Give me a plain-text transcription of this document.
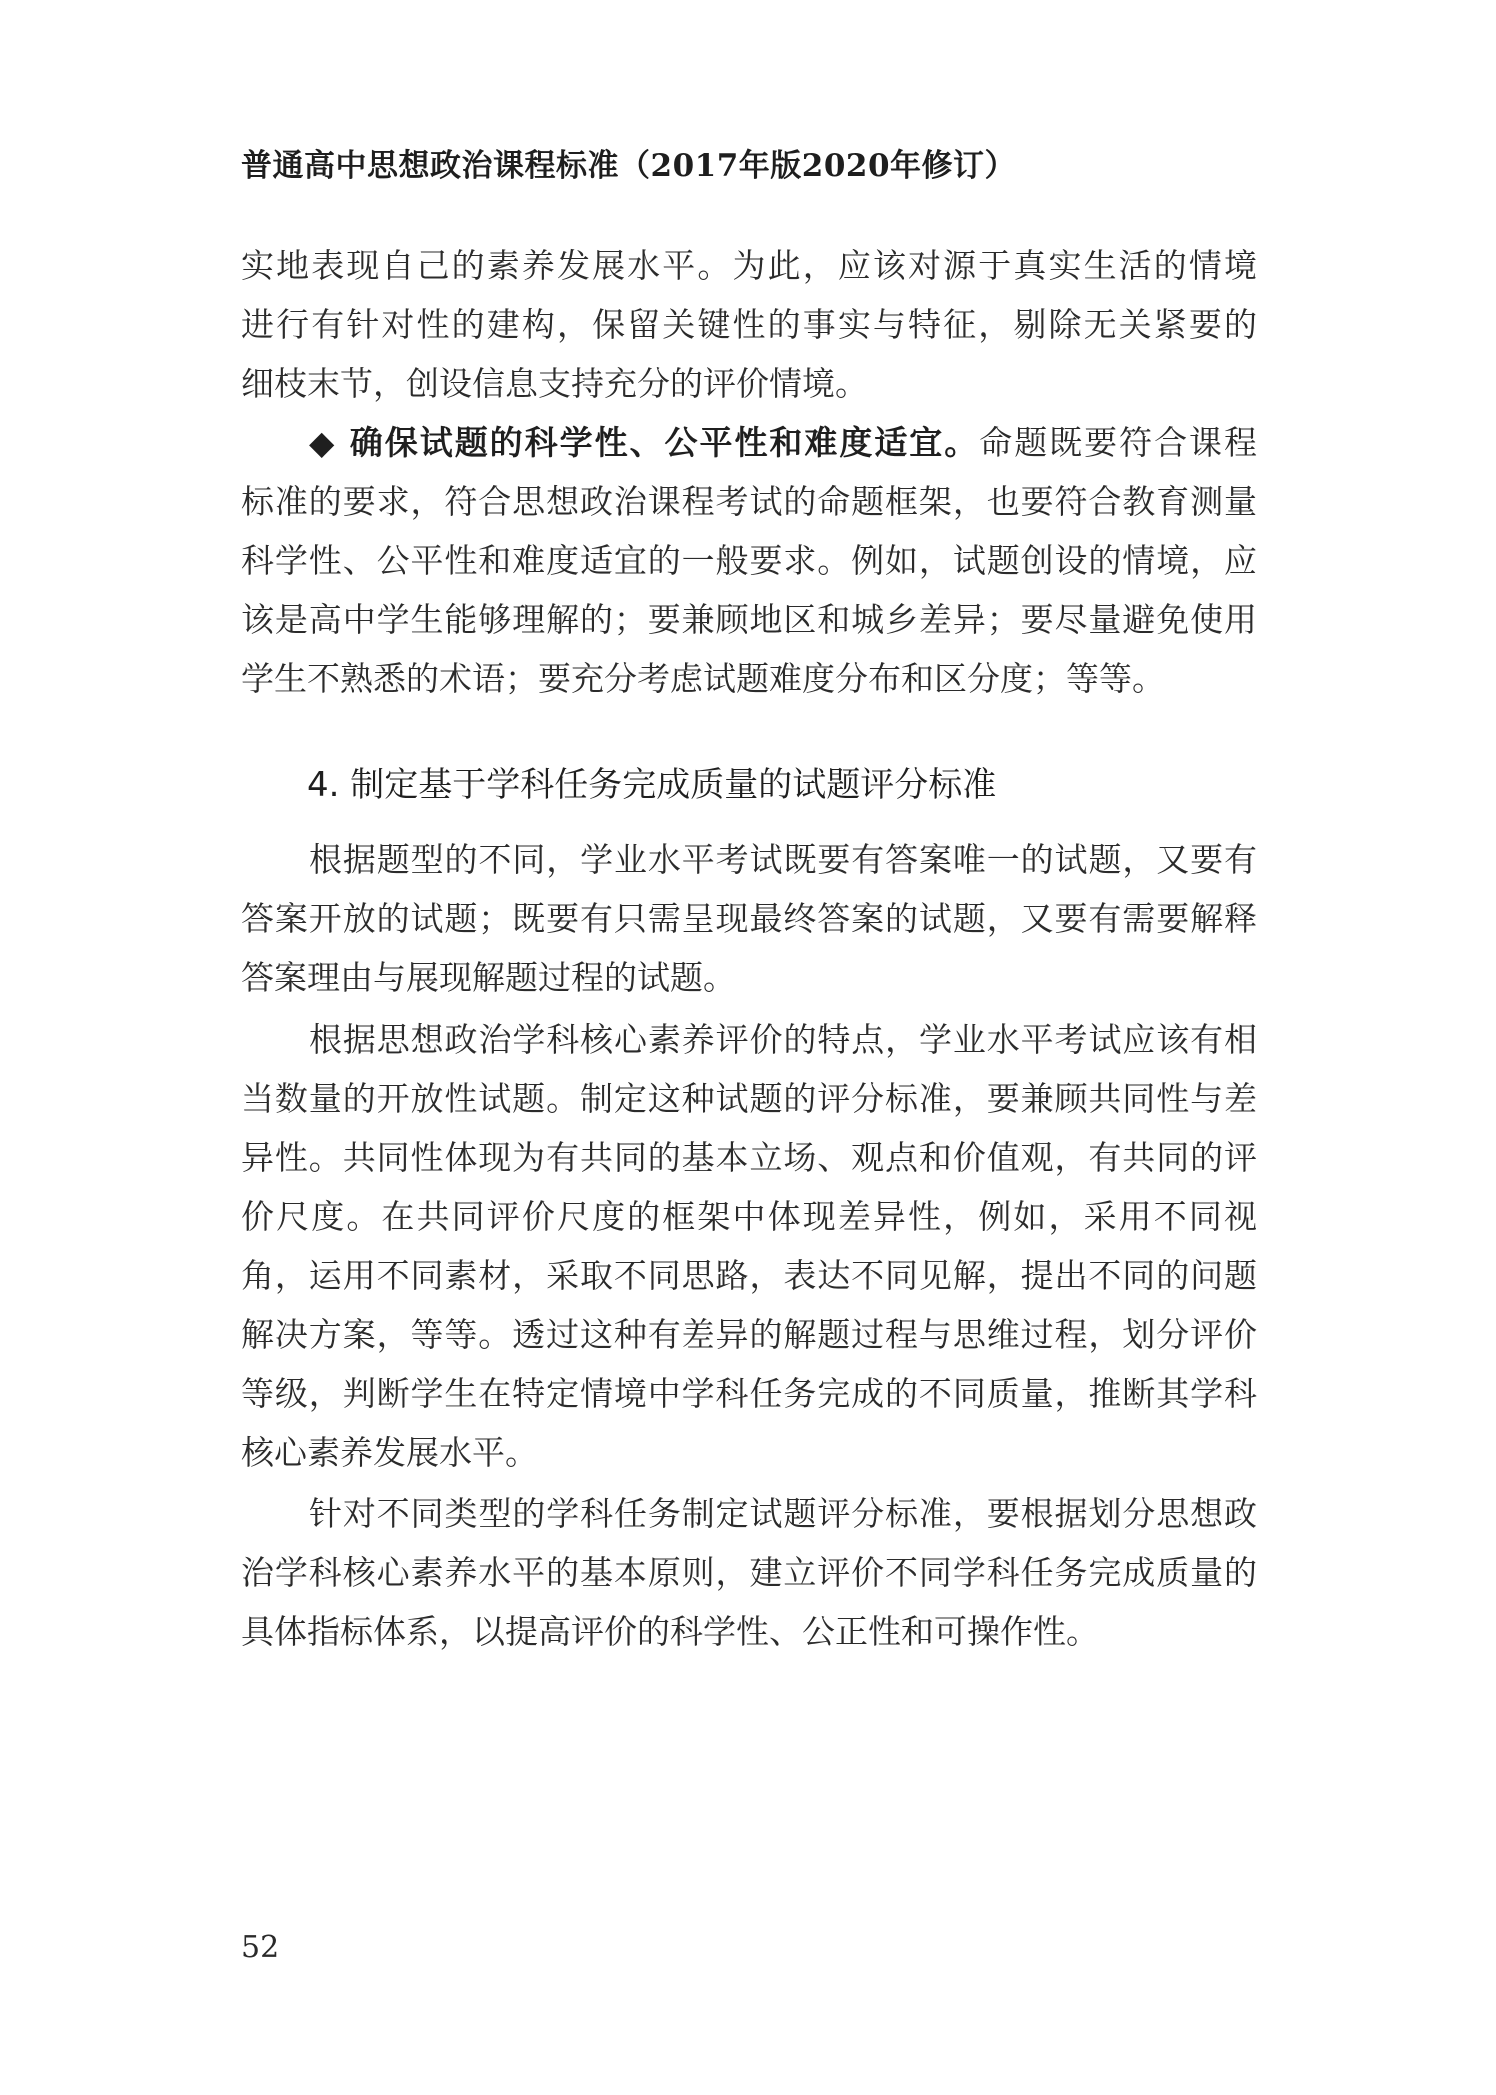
普通高中思想政治课程标准（2017年版2020年修订）
实地表现自己的素养发展水平。为此，应该对源于真实生活的情境
进行有针对性的建构，保留关键性的事实与特征，剔除无关紧要的
细枝末节，创设信息支持充分的评价情境。
◆ 确保试题的科学性、公平性和难度适宜。命题既要符合课程
标准的要求，符合思想政治课程考试的命题框架，也要符合教育测量
科学性、公平性和难度适宜的一般要求。例如，试题创设的情境，应
该是高中学生能够理解的；要兼顾地区和城乡差异；要尽量避免使用
学生不熟悉的术语；要充分考虑试题难度分布和区分度；等等。
4. 制定基于学科任务完成质量的试题评分标准
根据题型的不同，学业水平考试既要有答案唯一的试题，又要有
答案开放的试题；既要有只需呈现最终答案的试题，又要有需要解释
答案理由与展现解题过程的试题。
根据思想政治学科核心素养评价的特点，学业水平考试应该有相
当数量的开放性试题。制定这种试题的评分标准，要兼顾共同性与差
异性。共同性体现为有共同的基本立场、观点和价值观，有共同的评
价尺度。在共同评价尺度的框架中体现差异性，例如，采用不同视
角，运用不同素材，采取不同思路，表达不同见解，提出不同的问题
解决方案，等等。透过这种有差异的解题过程与思维过程，划分评价
等级，判断学生在特定情境中学科任务完成的不同质量，推断其学科
核心素养发展水平。
针对不同类型的学科任务制定试题评分标准，要根据划分思想政
治学科核心素养水平的基本原则，建立评价不同学科任务完成质量的
具体指标体系，以提高评价的科学性、公正性和可操作性。
52
